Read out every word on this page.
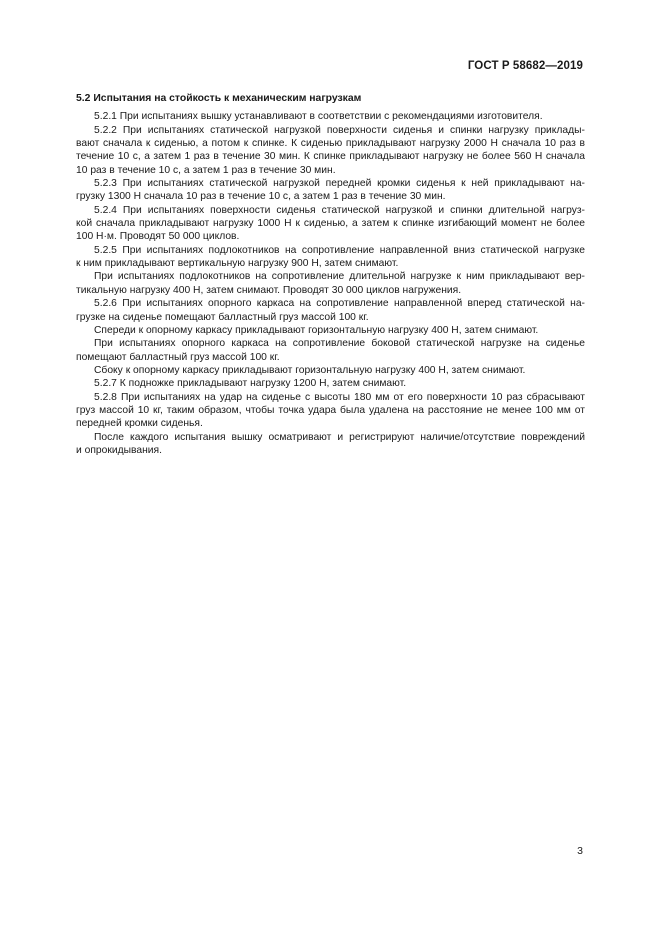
ГОСТ Р 58682—2019
5.2 Испытания на стойкость к механическим нагрузкам
5.2.1 При испытаниях вышку устанавливают в соответствии с рекомендациями изготовителя.
5.2.2 При испытаниях статической нагрузкой поверхности сиденья и спинки нагрузку приклады-
вают сначала к сиденью, а потом к спинке. К сиденью прикладывают нагрузку 2000 Н сначала 10 раз в
течение 10 с, а затем 1 раз в течение 30 мин. К спинке прикладывают нагрузку не более 560 Н сначала
10 раз в течение 10 с, а затем 1 раз в течение 30 мин.
5.2.3 При испытаниях статической нагрузкой передней кромки сиденья к ней прикладывают на-
грузку 1300 Н сначала 10 раз в течение 10 с, а затем 1 раз в течение 30 мин.
5.2.4 При испытаниях поверхности сиденья статической нагрузкой и спинки длительной нагруз-
кой сначала прикладывают нагрузку 1000 Н к сиденью, а затем к спинке изгибающий момент не более
100 Н·м. Проводят 50 000 циклов.
5.2.5 При испытаниях подлокотников на сопротивление направленной вниз статической нагрузке
к ним прикладывают вертикальную нагрузку 900 Н, затем снимают.
При испытаниях подлокотников на сопротивление длительной нагрузке к ним прикладывают вер-
тикальную нагрузку 400 Н, затем снимают. Проводят 30 000 циклов нагружения.
5.2.6 При испытаниях опорного каркаса на сопротивление направленной вперед статической на-
грузке на сиденье помещают балластный груз массой 100 кг.
Спереди к опорному каркасу прикладывают горизонтальную нагрузку 400 Н, затем снимают.
При испытаниях опорного каркаса на сопротивление боковой статической нагрузке на сиденье
помещают балластный груз массой 100 кг.
Сбоку к опорному каркасу прикладывают горизонтальную нагрузку 400 Н, затем снимают.
5.2.7 К подножке прикладывают нагрузку 1200 Н, затем снимают.
5.2.8 При испытаниях на удар на сиденье с высоты 180 мм от его поверхности 10 раз сбрасывают
груз массой 10 кг, таким образом, чтобы точка удара была удалена на расстояние не менее 100 мм от
передней кромки сиденья.
После каждого испытания вышку осматривают и регистрируют наличие/отсутствие повреждений
и опрокидывания.
3
